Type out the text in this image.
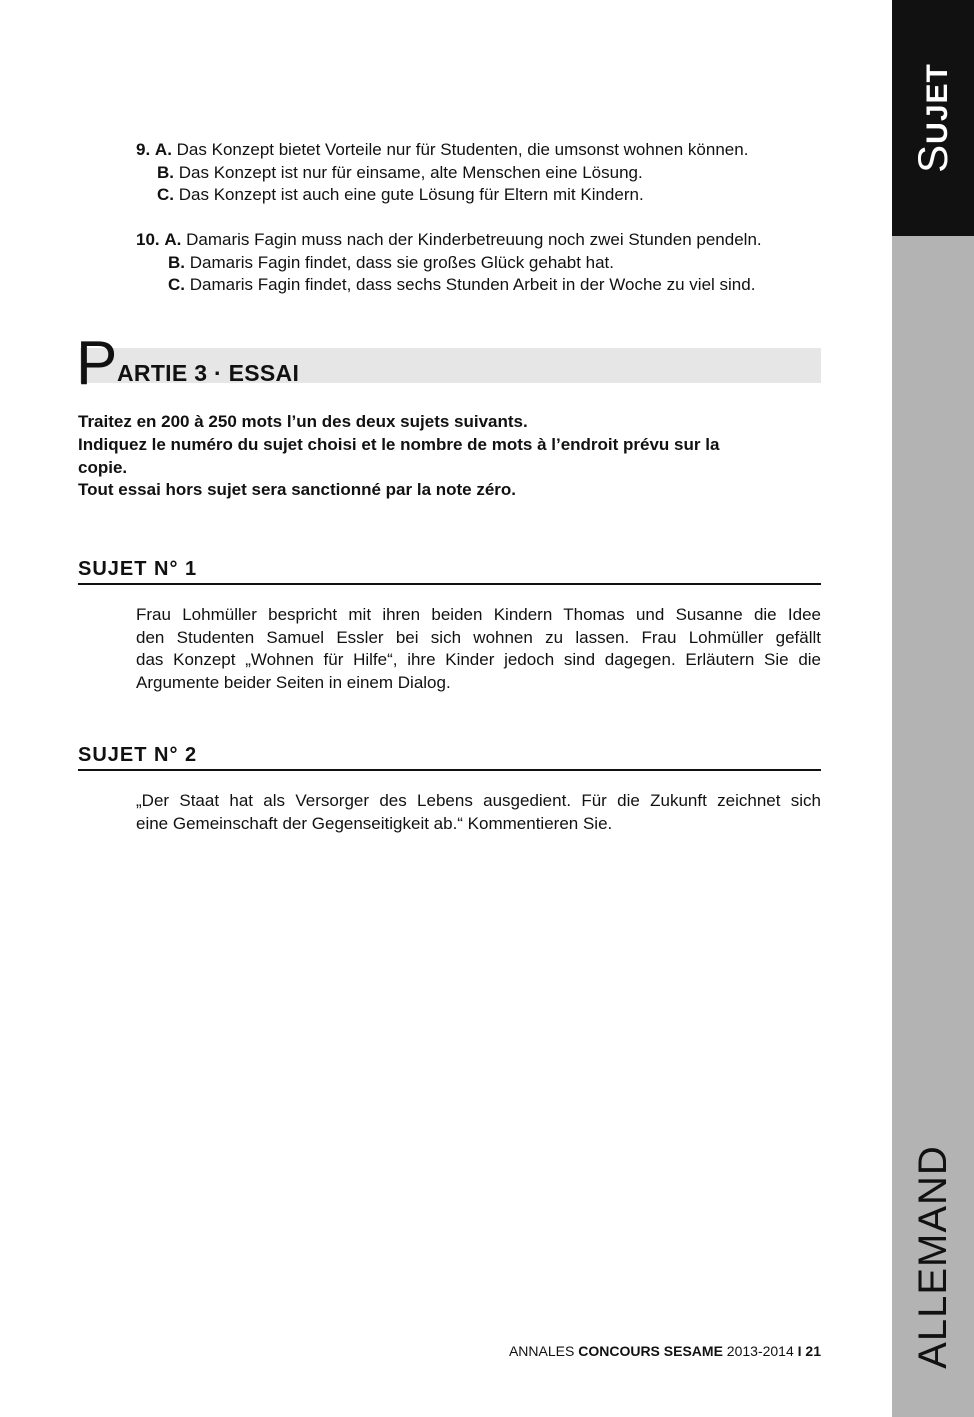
SUJET
ALLEMAND
9. A. Das Konzept bietet Vorteile nur für Studenten, die umsonst wohnen können.
B. Das Konzept ist nur für einsame, alte Menschen eine Lösung.
C. Das Konzept ist auch eine gute Lösung für Eltern mit Kindern.
10. A. Damaris Fagin muss nach der Kinderbetreuung noch zwei Stunden pendeln.
B. Damaris Fagin findet, dass sie großes Glück gehabt hat.
C. Damaris Fagin findet, dass sechs Stunden Arbeit in der Woche zu viel sind.
P ARTIE 3 · ESSAI
Traitez en 200 à 250 mots l’un des deux sujets suivants.
Indiquez le numéro du sujet choisi et le nombre de mots à l’endroit prévu sur la
copie.
Tout essai hors sujet sera sanctionné par la note zéro.
SUJET N° 1
Frau Lohmüller bespricht mit ihren beiden Kindern Thomas und Susanne die Idee
den Studenten Samuel Essler bei sich wohnen zu lassen. Frau Lohmüller gefällt
das Konzept „Wohnen für Hilfe“, ihre Kinder jedoch sind dagegen. Erläutern Sie die
Argumente beider Seiten in einem Dialog.
SUJET N° 2
„Der Staat hat als Versorger des Lebens ausgedient. Für die Zukunft zeichnet sich
eine Gemeinschaft der Gegenseitigkeit ab.“ Kommentieren Sie.
ANNALES CONCOURS SESAME 2013-2014 I 21
